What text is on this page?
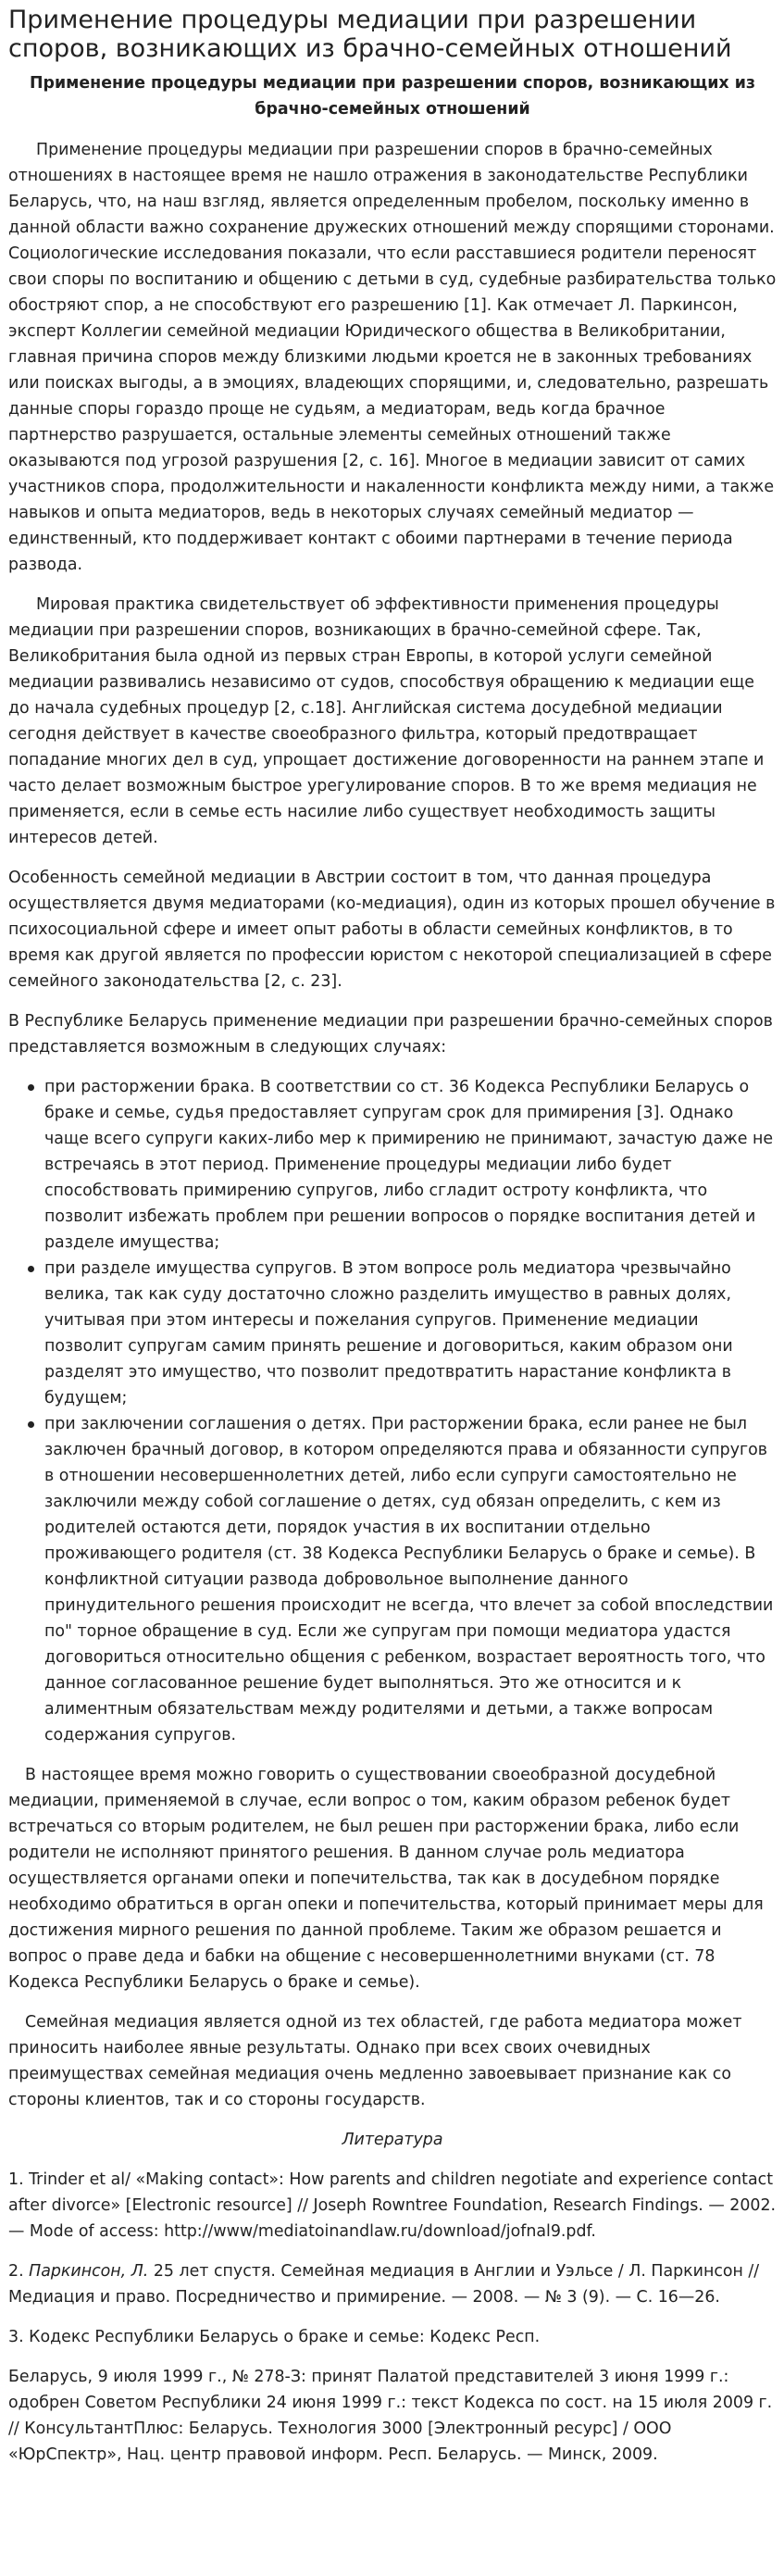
Применение процедуры медиации при разрешении споров, возникающих из брачно-семейных отношений
Применение процедуры медиации при разрешении споров, возникающих из брачно-семейных отношений

Применение процедуры медиации при разрешении споров в брачно-семейных отношениях в настоящее время не нашло отражения в законодательстве Республики Беларусь, что, на наш взгляд, является определенным пробелом, поскольку именно в данной области важно сохранение дружеских отношений между спорящими сторонами. Социологические исследования показали, что если расставшиеся родители переносят свои споры по воспитанию и общению с детьми в суд, судебные разбирательства только обостряют спор, а не способствуют его разрешению [1]. Как отмечает Л. Паркинсон, эксперт Коллегии семейной медиации Юридического общества в Великобритании, главная причина споров между близкими людьми кроется не в законных требованиях или поисках выгоды, а в эмоциях, владеющих спорящими, и, следовательно, разрешать данные споры гораздо проще не судьям, а медиаторам, ведь когда брачное партнерство разрушается, остальные элементы семейных отношений также оказываются под угрозой разрушения [2, с. 16]. Многое в медиации зависит от самих участников спора, продолжительности и накаленности конфликта между ними, а также навыков и опыта медиаторов, ведь в некоторых случаях семейный медиатор — единственный, кто поддерживает контакт с обоими партнерами в течение периода развода.

Мировая практика свидетельствует об эффективности применения процедуры медиации при разрешении споров, возникающих в брачно-семейной сфере. Так, Великобритания была одной из первых стран Европы, в которой услуги семейной медиации развивались независимо от судов, способствуя обращению к медиации еще до начала судебных процедур [2, с.18]. Английская система досудебной медиации сегодня действует в качестве своеобразного фильтра, который предотвращает попадание многих дел в суд, упрощает достижение договоренности на раннем этапе и часто делает возможным быстрое урегулирование споров. В то же время медиация не применяется, если в семье есть насилие либо существует необходимость защиты интересов детей.

Особенность семейной медиации в Австрии состоит в том, что данная процедура осуществляется двумя медиаторами (ко-медиация), один из которых прошел обучение в психосоциальной сфере и имеет опыт работы в области семейных конфликтов, в то время как другой является по профессии юристом с некоторой специализацией в сфере семейного законодательства [2, с. 23].

В Республике Беларусь применение медиации при разрешении брачно-семейных споров представляется возможным в следующих случаях:

при расторжении брака. В соответствии со ст. 36 Кодекса Республики Беларусь о браке и семье, судья предоставляет супругам срок для примирения [3]. Однако чаще всего супруги каких-либо мер к примирению не принимают, зачастую даже не встречаясь в этот период. Применение процедуры медиации либо будет способствовать примирению супругов, либо сгладит остроту конфликта, что позволит избежать проблем при решении вопросов о порядке воспитания детей и разделе имущества;
при разделе имущества супругов. В этом вопросе роль медиатора чрезвычайно велика, так как суду достаточно сложно разделить имущество в равных долях, учитывая при этом интересы и пожелания супругов. Применение медиации позволит супругам самим принять решение и договориться, каким образом они разделят это имущество, что позволит предотвратить нарастание конфликта в будущем;
при заключении соглашения о детях. При расторжении брака, если ранее не был заключен брачный договор, в котором определяются права и обязанности супругов в отношении несовершеннолетних детей, либо если супруги самостоятельно не заключили между собой соглашение о детях, суд обязан определить, с кем из родителей остаются дети, порядок участия в их воспитании отдельно проживающего родителя (ст. 38 Кодекса Республики Беларусь о браке и семье). В конфликтной ситуации развода добровольное выполнение данного принудительного решения происходит не всегда, что влечет за собой впоследствии по" торное обращение в суд. Если же супругам при помощи медиатора удастся договориться относительно общения с ребенком, возрастает вероятность того, что данное согласованное решение будет выполняться. Это же относится и к алиментным обязательствам между родителями и детьми, а также вопросам содержания супругов.

В настоящее время можно говорить о существовании своеобразной досудебной медиации, применяемой в случае, если вопрос о том, каким образом ребенок будет встречаться со вторым родителем, не был решен при расторжении брака, либо если родители не исполняют принятого решения. В данном случае роль медиатора осуществляется органами опеки и попечительства, так как в досудебном порядке необходимо обратиться в орган опеки и попечительства, который принимает меры для достижения мирного решения по данной проблеме. Таким же образом решается и вопрос о праве деда и бабки на общение с несовершеннолетними внуками (ст. 78 Кодекса Республики Беларусь о браке и семье).

Семейная медиация является одной из тех областей, где работа медиатора может приносить наиболее явные результаты. Однако при всех своих очевидных преимуществах семейная медиация очень медленно завоевывает признание как со стороны клиентов, так и со стороны государств.

Литература

1. Trinder et al/ «Making contact»: How parents and children negotiate and experience contact after divorce» [Electronic resource] // Joseph Rowntree Foundation, Research Findings. — 2002. — Mode of access: http://www/mediatoinandlaw.ru/download/jofnal9.pdf.

2. Паркинсон, Л. 25 лет спустя. Семейная медиация в Англии и Уэльсе / Л. Паркинсон // Медиация и право. Посредничество и примирение. — 2008. — № 3 (9). — С. 16—26.

3. Кодекс Республики Беларусь о браке и семье: Кодекс Респ.

Беларусь, 9 июля 1999 г., № 278-З: принят Палатой представителей 3 июня 1999 г.: одобрен Советом Республики 24 июня 1999 г.: текст Кодекса по сост. на 15 июля 2009 г. // КонсультантПлюс: Беларусь. Технология 3000 [Электронный ресурс] / ООО «ЮрСпектр», Нац. центр правовой информ. Респ. Беларусь. — Минск, 2009.
